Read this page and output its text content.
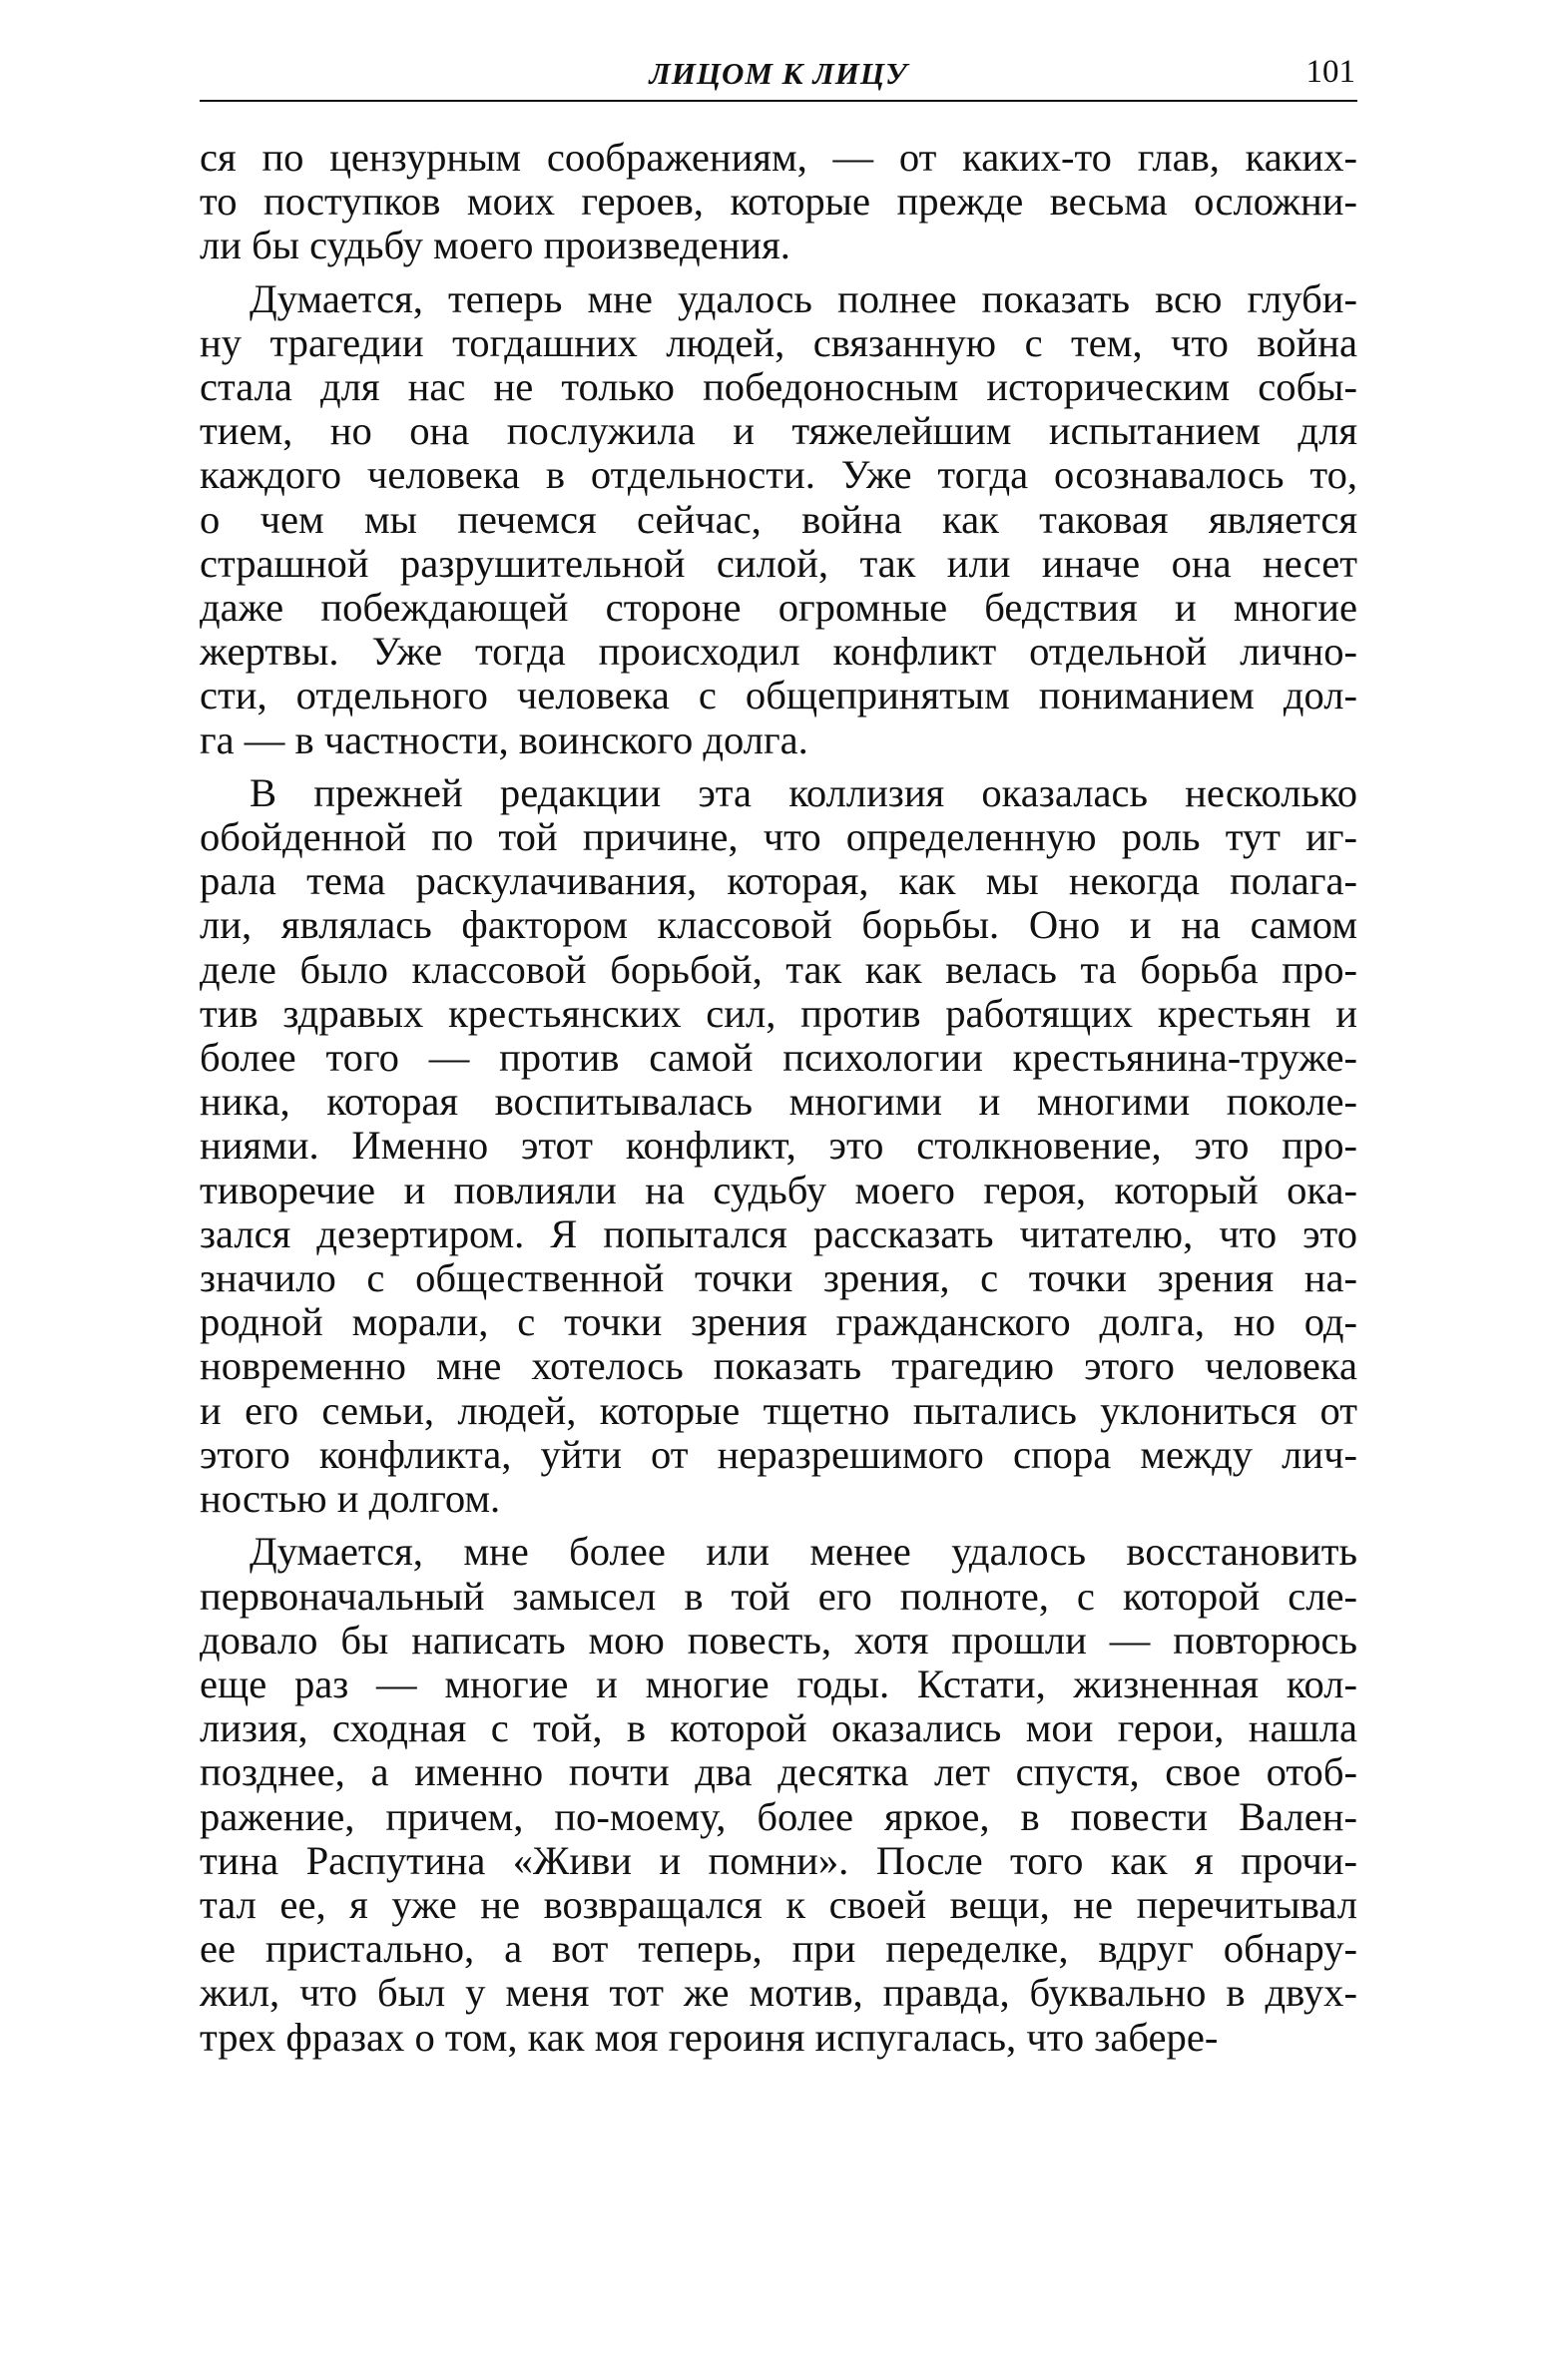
ЛИЦОМ К ЛИЦУ	101

ся по цензурным соображениям, — от каких-то глав, каких-
то поступков моих героев, которые прежде весьма осложни-
ли бы судьбу моего произведения.

Думается, теперь мне удалось полнее показать всю глуби-
ну трагедии тогдашних людей, связанную с тем, что война
стала для нас не только победоносным историческим собы-
тием, но она послужила и тяжелейшим испытанием для
каждого человека в отдельности. Уже тогда осознавалось то,
о чем мы печемся сейчас, война как таковая является
страшной разрушительной силой, так или иначе она несет
даже побеждающей стороне огромные бедствия и многие
жертвы. Уже тогда происходил конфликт отдельной лично-
сти, отдельного человека с общепринятым пониманием дол-
га — в частности, воинского долга.

В прежней редакции эта коллизия оказалась несколько
обойденной по той причине, что определенную роль тут иг-
рала тема раскулачивания, которая, как мы некогда полага-
ли, являлась фактором классовой борьбы. Оно и на самом
деле было классовой борьбой, так как велась та борьба про-
тив здравых крестьянских сил, против работящих крестьян и
более того — против самой психологии крестьянина-труже-
ника, которая воспитывалась многими и многими поколе-
ниями. Именно этот конфликт, это столкновение, это про-
тиворечие и повлияли на судьбу моего героя, который ока-
зался дезертиром. Я попытался рассказать читателю, что это
значило с общественной точки зрения, с точки зрения на-
родной морали, с точки зрения гражданского долга, но од-
новременно мне хотелось показать трагедию этого человека
и его семьи, людей, которые тщетно пытались уклониться от
этого конфликта, уйти от неразрешимого спора между лич-
ностью и долгом.

Думается, мне более или менее удалось восстановить
первоначальный замысел в той его полноте, с которой сле-
довало бы написать мою повесть, хотя прошли — повторюсь
еще раз — многие и многие годы. Кстати, жизненная кол-
лизия, сходная с той, в которой оказались мои герои, нашла
позднее, а именно почти два десятка лет спустя, свое отоб-
ражение, причем, по-моему, более яркое, в повести Вален-
тина Распутина «Живи и помни». После того как я прочи-
тал ее, я уже не возвращался к своей вещи, не перечитывал
ее пристально, а вот теперь, при переделке, вдруг обнару-
жил, что был у меня тот же мотив, правда, буквально в двух-
трех фразах о том, как моя героиня испугалась, что забере-
